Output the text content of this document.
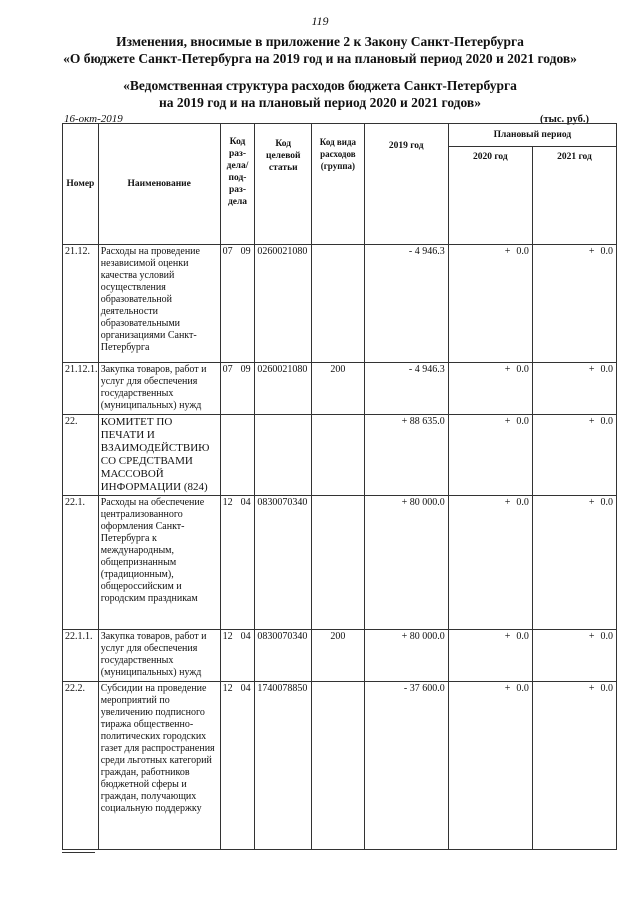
119
Изменения, вносимые в приложение 2 к Закону Санкт-Петербурга
«О бюджете Санкт-Петербурга на 2019 год и на плановый период 2020 и 2021 годов»
«Ведомственная структура расходов бюджета Санкт-Петербурга
на 2019 год и на плановый период 2020 и 2021 годов»
16-окт-2019	(тыс. руб.)
Номер	Наименование	Код раз- дела/ под- раз- дела	Код целевой статьи	Код вида расходов (группа)	2019 год	Плановый период	
						2020 год	2021 год
21.12.	Расходы на проведение независимой оценки качества условий осуществления образовательной деятельности образовательными организациями Санкт-Петербурга	07 09	0260021080		- 4 946.3	+ 0.0	+ 0.0
21.12.1.	Закупка товаров, работ и услуг для обеспечения государственных (муниципальных) нужд	07 09	0260021080	200	- 4 946.3	+ 0.0	+ 0.0
22.	КОМИТЕТ ПО ПЕЧАТИ И ВЗАИМОДЕЙСТВИЮ СО СРЕДСТВАМИ МАССОВОЙ ИНФОРМАЦИИ (824)				+ 88 635.0	+ 0.0	+ 0.0
22.1.	Расходы на обеспечение централизованного оформления Санкт-Петербурга к международным, общепризнанным (традиционным), общероссийским и городским праздникам	12 04	0830070340		+ 80 000.0	+ 0.0	+ 0.0
22.1.1.	Закупка товаров, работ и услуг для обеспечения государственных (муниципальных) нужд	12 04	0830070340	200	+ 80 000.0	+ 0.0	+ 0.0
22.2.	Субсидии на проведение мероприятий по увеличению подписного тиража общественно-политических городских газет для распространения среди льготных категорий граждан, работников бюджетной сферы и граждан, получающих социальную поддержку	12 04	1740078850		- 37 600.0	+ 0.0	+ 0.0
